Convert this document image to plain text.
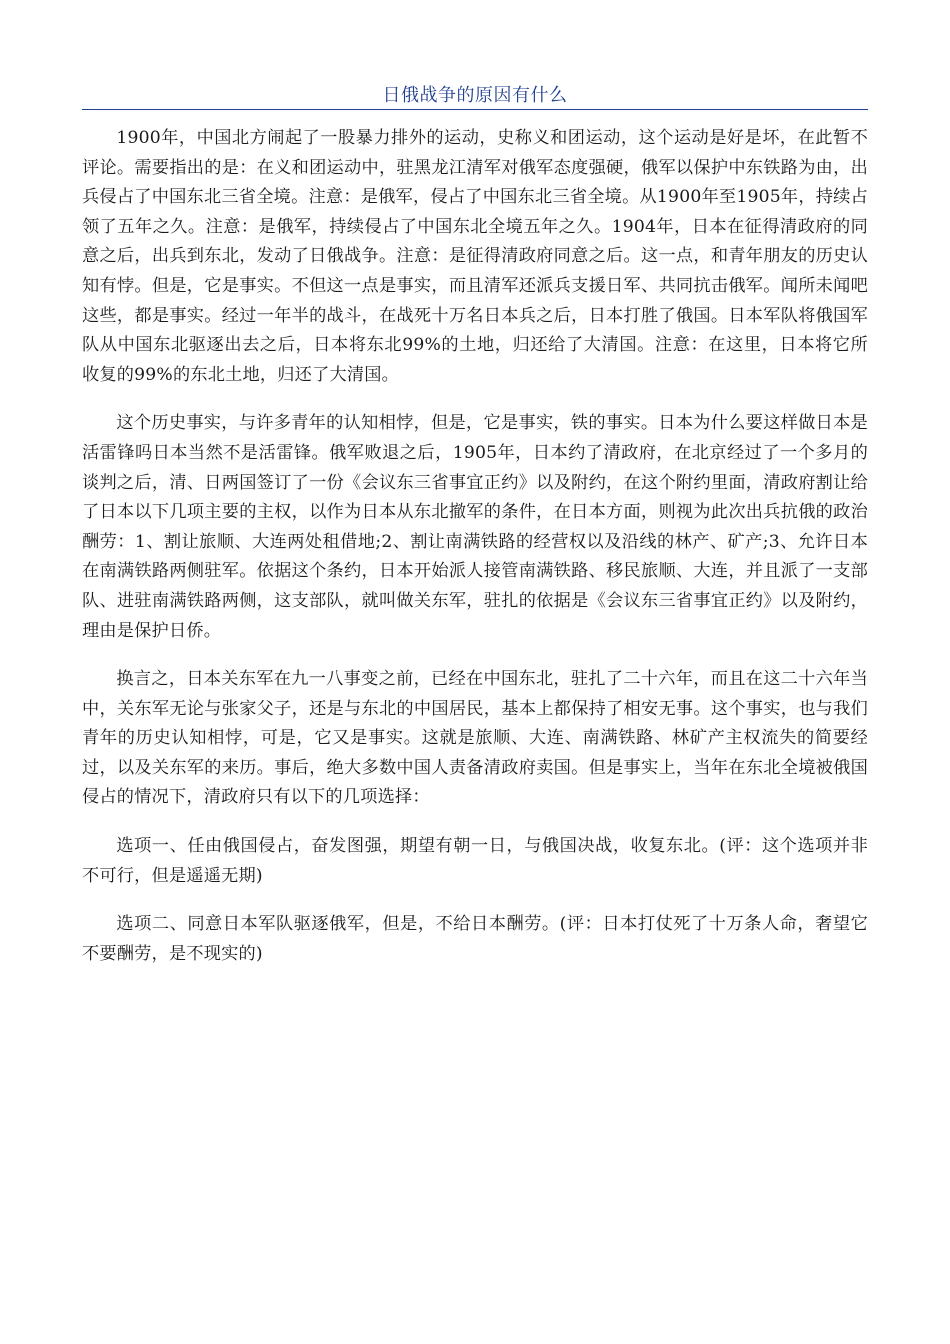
日俄战争的原因有什么

1900年，中国北方闹起了一股暴力排外的运动，史称义和团运动，这个运动是好是坏，在此暂不评论。需要指出的是：在义和团运动中，驻黑龙江清军对俄军态度强硬，俄军以保护中东铁路为由，出兵侵占了中国东北三省全境。注意：是俄军，侵占了中国东北三省全境。从1900年至1905年，持续占领了五年之久。注意：是俄军，持续侵占了中国东北全境五年之久。1904年，日本在征得清政府的同意之后，出兵到东北，发动了日俄战争。注意：是征得清政府同意之后。这一点，和青年朋友的历史认知有悖。但是，它是事实。不但这一点是事实，而且清军还派兵支援日军、共同抗击俄军。闻所未闻吧这些，都是事实。经过一年半的战斗，在战死十万名日本兵之后，日本打胜了俄国。日本军队将俄国军队从中国东北驱逐出去之后，日本将东北99%的土地，归还给了大清国。注意：在这里，日本将它所收复的99%的东北土地，归还了大清国。

这个历史事实，与许多青年的认知相悖，但是，它是事实，铁的事实。日本为什么要这样做日本是活雷锋吗日本当然不是活雷锋。俄军败退之后，1905年，日本约了清政府，在北京经过了一个多月的谈判之后，清、日两国签订了一份《会议东三省事宜正约》以及附约，在这个附约里面，清政府割让给了日本以下几项主要的主权，以作为日本从东北撤军的条件，在日本方面，则视为此次出兵抗俄的政治酬劳：1、割让旅顺、大连两处租借地;2、割让南满铁路的经营权以及沿线的林产、矿产;3、允许日本在南满铁路两侧驻军。依据这个条约，日本开始派人接管南满铁路、移民旅顺、大连，并且派了一支部队、进驻南满铁路两侧，这支部队，就叫做关东军，驻扎的依据是《会议东三省事宜正约》以及附约，理由是保护日侨。

换言之，日本关东军在九一八事变之前，已经在中国东北，驻扎了二十六年，而且在这二十六年当中，关东军无论与张家父子，还是与东北的中国居民，基本上都保持了相安无事。这个事实，也与我们青年的历史认知相悖，可是，它又是事实。这就是旅顺、大连、南满铁路、林矿产主权流失的简要经过，以及关东军的来历。事后，绝大多数中国人责备清政府卖国。但是事实上，当年在东北全境被俄国侵占的情况下，清政府只有以下的几项选择：

选项一、任由俄国侵占，奋发图强，期望有朝一日，与俄国决战，收复东北。(评：这个选项并非不可行，但是遥遥无期)

选项二、同意日本军队驱逐俄军，但是，不给日本酬劳。(评：日本打仗死了十万条人命，奢望它不要酬劳，是不现实的)
